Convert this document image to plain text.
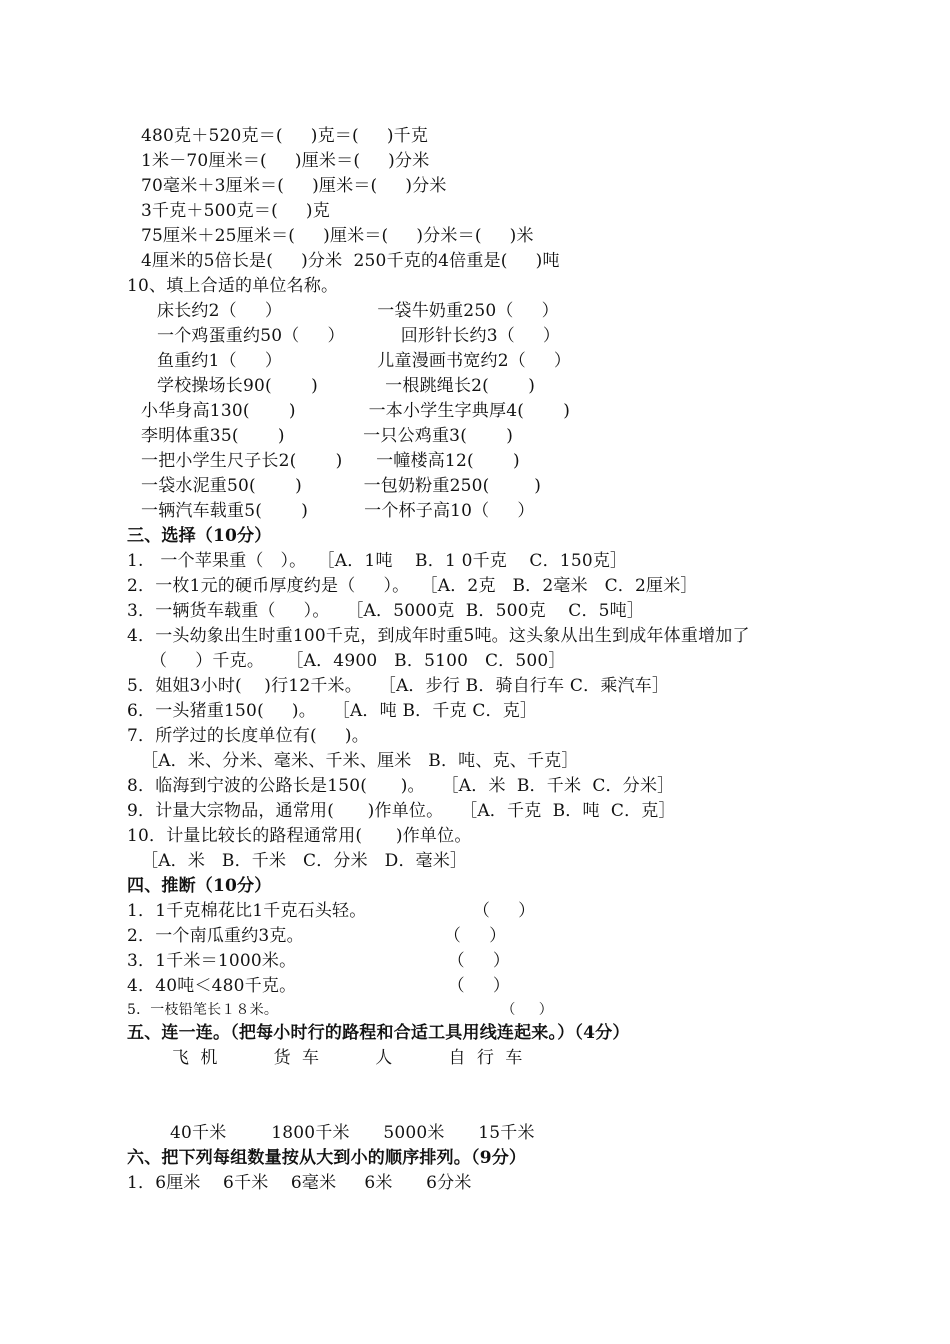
480克＋520克＝(     )克＝(     )千克
1米－70厘米＝(     )厘米＝(     )分米
70毫米＋3厘米＝(     )厘米＝(     )分米
3千克＋500克＝(     )克
75厘米＋25厘米＝(     )厘米＝(     )分米＝(     )米
4厘米的5倍长是(     )分米  250千克的4倍重是(     )吨
10、填上合适的单位名称。
床长约2（     ）                 一袋牛奶重250（     ）
一个鸡蛋重约50（     ）          回形针长约3（     ）
鱼重约1（     ）                 儿童漫画书宽约2（     ）
学校操场长90(       )            一根跳绳长2(       )
小华身高130(       )             一本小学生字典厚4(       )
李明体重35(       )              一只公鸡重3(       )
一把小学生尺子长2(       )      一幢楼高12(       )
一袋水泥重50(       )           一包奶粉重250(        )
一辆汽车载重5(       )          一个杯子高10（     ）
三、选择（10分）
1.   一个苹果重（   ）。  ［A．1吨    B．1 0千克    C．150克］
2．一枚1元的硬币厚度约是（     ）。  ［A．2克   B．2毫米   C．2厘米］
3．一辆货车载重（     ）。   ［A．5000克  B．500克    C．5吨］
4．一头幼象出生时重100千克，到成年时重5吨。这头象从出生到成年体重增加了
（     ）千克。    ［A．4900   B．5100   C．500］
5．姐姐3小时(    )行12千米。   ［A．步行 B．骑自行车 C．乘汽车］
6．一头猪重150(     )。   ［A．吨 B．千克 C．克］
7．所学过的长度单位有(     )。
［A．米、分米、毫米、千米、厘米   B．吨、克、千克］
8．临海到宁波的公路长是150(      )。   ［A．米  B．千米  C．分米］
9．计量大宗物品，通常用(      )作单位。   ［A．千克  B．吨  C．克］
10．计量比较长的路程通常用(      )作单位。
［A．米   B．千米   C．分米   D．毫米］
四、推断（10分）
1．1千克棉花比1千克石头轻。                   （     ）
2．一个南瓜重约3克。                         （     ）
3．1千米＝1000米。                           （     ）
4．40吨＜480千克。                           （     ）
5．一枝铅笔长１８米。                                                （     ）
五、连一连。（把每小时行的路程和合适工具用线连起来。）（4分）
飞  机          货  车          人          自  行  车
40千米        1800千米      5000米      15千米
六、把下列每组数量按从大到小的顺序排列。（9分）
1．6厘米    6千米    6毫米     6米      6分米
